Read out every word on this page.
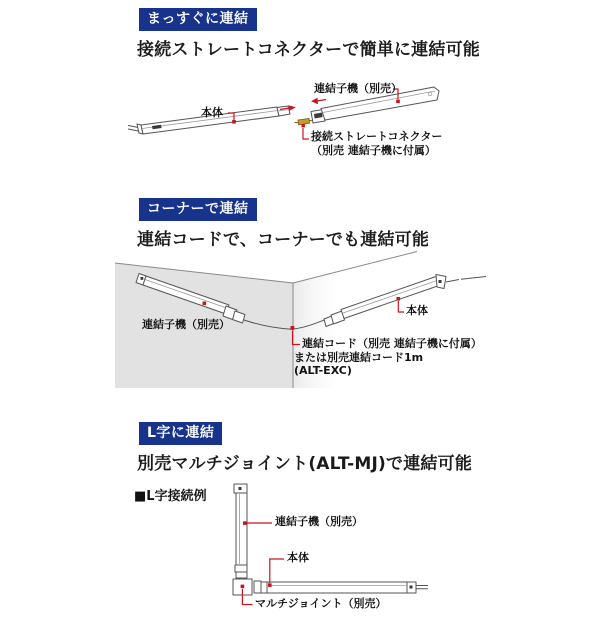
まっすぐに連結
接続ストレートコネクターで簡単に連結可能
本体
連結子機（別売）
接続ストレートコネクター
（別売 連結子機に付属）
コーナーで連結
連結コードで、コーナーでも連結可能
連結子機（別売）
本体
連結コード（別売 連結子機に付属）
または別売連結コード1m
(ALT-EXC)
L字に連結
別売マルチジョイント(ALT-MJ)で連結可能
■L字接続例
連結子機（別売）
本体
マルチジョイント（別売）
